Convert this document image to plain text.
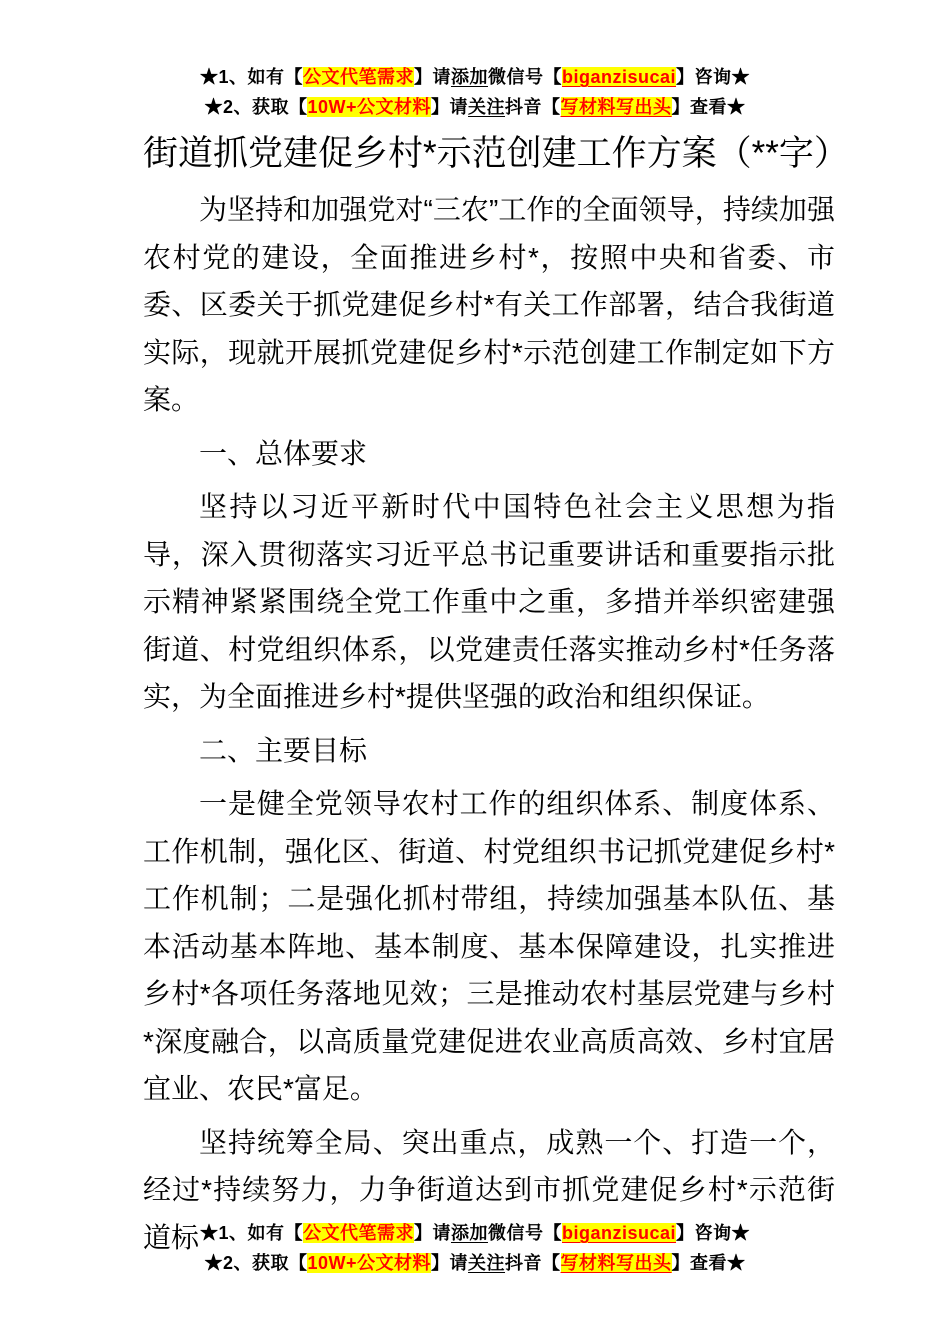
★1、如有【公文代笔需求】请添加微信号【biganzisucai】咨询★
★2、获取【10W+公文材料】请关注抖音【写材料写出头】查看★
街道抓党建促乡村*示范创建工作方案（**字）

为坚持和加强党对“三农”工作的全面领导，持续加强农村党的建设，全面推进乡村*，按照中央和省委、市委、区委关于抓党建促乡村*有关工作部署，结合我街道实际，现就开展抓党建促乡村*示范创建工作制定如下方案。

一、总体要求

坚持以习近平新时代中国特色社会主义思想为指导，深入贯彻落实习近平总书记重要讲话和重要指示批示精神紧紧围绕全党工作重中之重，多措并举织密建强街道、村党组织体系，以党建责任落实推动乡村*任务落实，为全面推进乡村*提供坚强的政治和组织保证。

二、主要目标

一是健全党领导农村工作的组织体系、制度体系、工作机制，强化区、街道、村党组织书记抓党建促乡村*工作机制；二是强化抓村带组，持续加强基本队伍、基本活动基本阵地、基本制度、基本保障建设，扎实推进乡村*各项任务落地见效；三是推动农村基层党建与乡村*深度融合，以高质量党建促进农业高质高效、乡村宜居宜业、农民*富足。

坚持统筹全局、突出重点，成熟一个、打造一个，经过*持续努力，力争街道达到市抓党建促乡村*示范街道标 ★1、如有【公文代笔需求】请添加微信号【biganzisucai】咨询★
★2、获取【10W+公文材料】请关注抖音【写材料写出头】查看★
